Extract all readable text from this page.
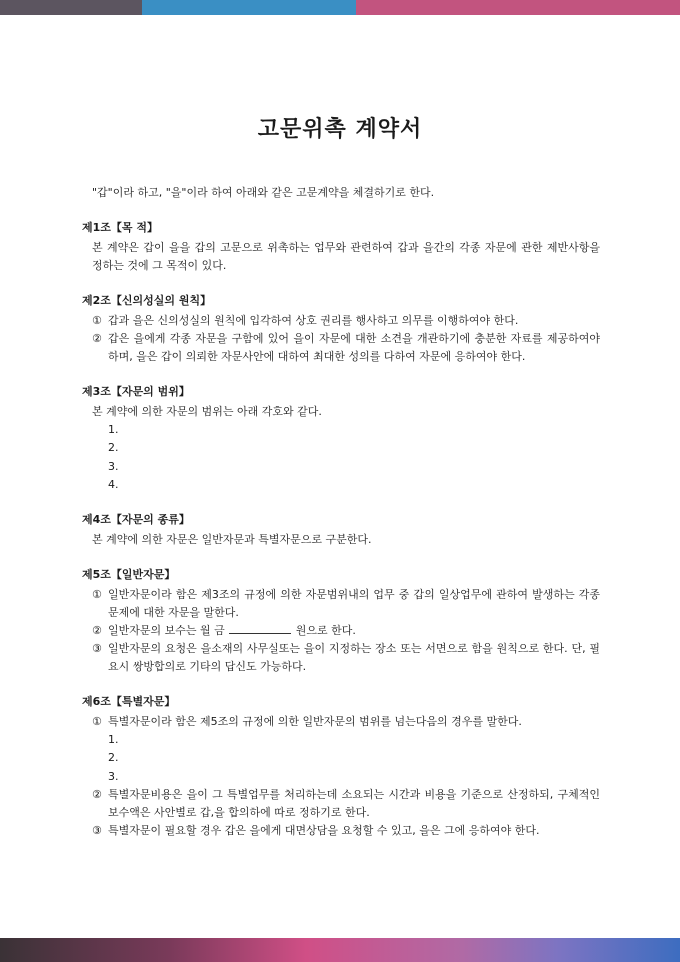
고문위촉 계약서

"갑"이라 하고, "을"이라 하여 아래와 같은 고문계약을 체결하기로 한다.

제1조【목 적】

본 계약은 갑이 을을 갑의 고문으로 위촉하는 업무와 관련하여 갑과 을간의 각종 자문에 관한 제반사항을 정하는 것에 그 목적이 있다.

제2조【신의성실의 원칙】
① 갑과 을은 신의성실의 원칙에 입각하여 상호 권리를 행사하고 의무를 이행하여야 한다.
② 갑은 을에게 각종 자문을 구함에 있어 을이 자문에 대한 소견을 개관하기에 충분한 자료를 제공하여야 하며, 을은 갑이 의뢰한 자문사안에 대하여 최대한 성의를 다하여 자문에 응하여야 한다.
제3조【자문의 범위】

본 계약에 의한 자문의 범위는 아래 각호와 같다.

1.
2.
3.
4.
제4조【자문의 종류】

본 계약에 의한 자문은 일반자문과 특별자문으로 구분한다.

제5조【일반자문】
① 일반자문이라 함은 제3조의 규정에 의한 자문범위내의 업무 중 갑의 일상업무에 관하여 발생하는 각종 문제에 대한 자문을 말한다.
② 일반자문의 보수는 월 금	원으로 한다.
③ 일반자문의 요청은 을소재의 사무실또는 을이 지정하는 장소 또는 서면으로 함을 원칙으로 한다. 단, 필요시 쌍방합의로 기타의 답신도 가능하다.
제6조【특별자문】
① 특별자문이라 함은 제5조의 규정에 의한 일반자문의 범위를 넘는다음의 경우를 말한다.
1.
2.
3.
② 특별자문비용은 을이 그 특별업무를 처리하는데 소요되는 시간과 비용을 기준으로 산정하되, 구체적인 보수액은 사안별로 갑,을 합의하에 따로 정하기로 한다.
③ 특별자문이 필요할 경우 갑은 을에게 대면상담을 요청할 수 있고, 을은 그에 응하여야 한다.
